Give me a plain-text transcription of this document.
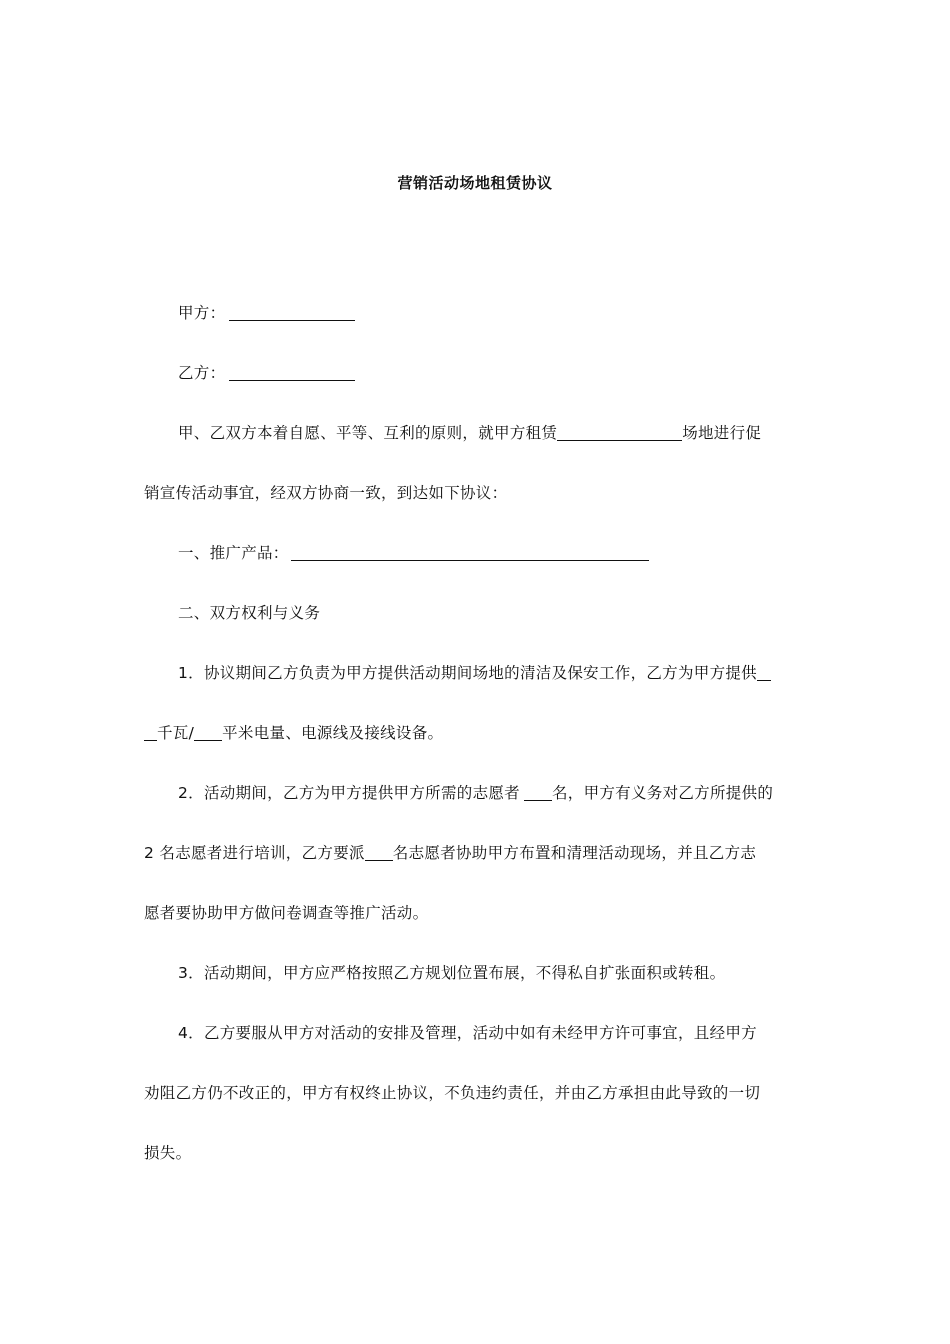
营销活动场地租赁协议
甲方：
乙方：
甲、乙双方本着自愿、平等、互利的原则，就甲方租赁	场地进行促
销宣传活动事宜，经双方协商一致，到达如下协议：
一、推广产品：
二、双方权利与义务
1．协议期间乙方负责为甲方提供活动期间场地的清洁及保安工作，乙方为甲方提供
千瓦/ 平米电量、电源线及接线设备。
2．活动期间，乙方为甲方提供甲方所需的志愿者 名，甲方有义务对乙方所提供的
2 名志愿者进行培训，乙方要派 名志愿者协助甲方布置和清理活动现场，并且乙方志
愿者要协助甲方做问卷调查等推广活动。
3．活动期间，甲方应严格按照乙方规划位置布展，不得私自扩张面积或转租。
4．乙方要服从甲方对活动的安排及管理，活动中如有未经甲方许可事宜，且经甲方
劝阻乙方仍不改正的，甲方有权终止协议，不负违约责任，并由乙方承担由此导致的一切
损失。
